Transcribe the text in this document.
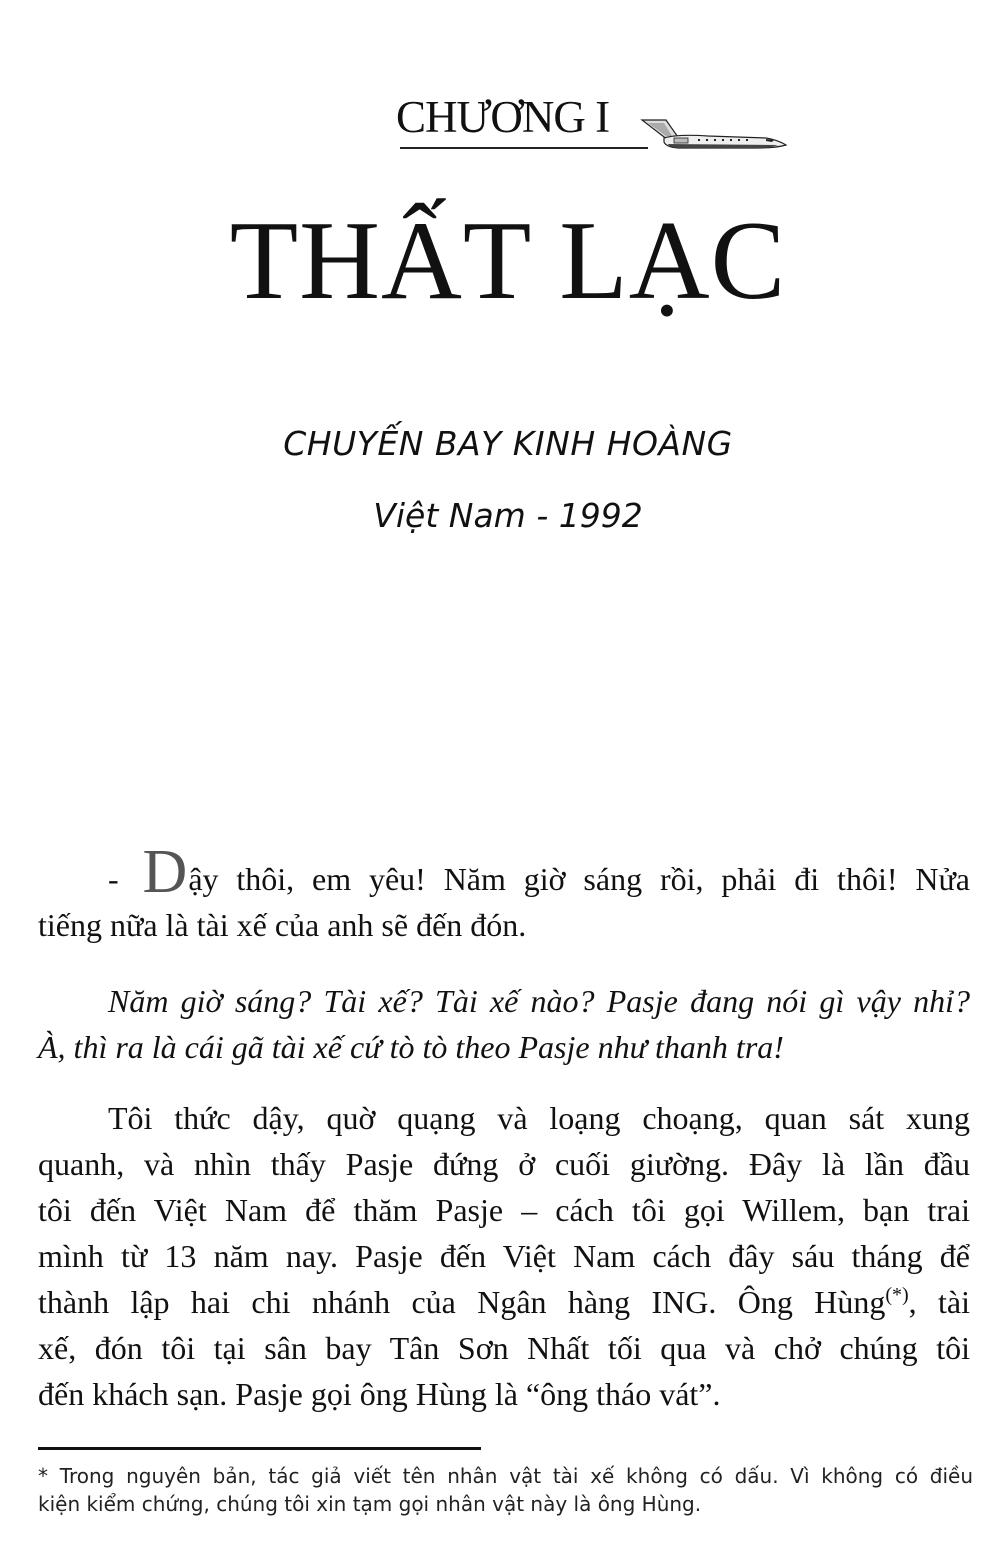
CHƯƠNG I
THẤT LẠC
CHUYẾN BAY KINH HOÀNG
Việt Nam - 1992

- Dậy thôi, em yêu! Năm giờ sáng rồi, phải đi thôi! Nửa
tiếng nữa là tài xế của anh sẽ đến đón.

Năm giờ sáng? Tài xế? Tài xế nào? Pasje đang nói gì vậy nhỉ?
À, thì ra là cái gã tài xế cứ tò tò theo Pasje như thanh tra!

Tôi thức dậy, quờ quạng và loạng choạng, quan sát xung
quanh, và nhìn thấy Pasje đứng ở cuối giường. Đây là lần đầu
tôi đến Việt Nam để thăm Pasje – cách tôi gọi Willem, bạn trai
mình từ 13 năm nay. Pasje đến Việt Nam cách đây sáu tháng để
thành lập hai chi nhánh của Ngân hàng ING. Ông Hùng(*), tài
xế, đón tôi tại sân bay Tân Sơn Nhất tối qua và chở chúng tôi
đến khách sạn. Pasje gọi ông Hùng là “ông tháo vát”.

* Trong nguyên bản, tác giả viết tên nhân vật tài xế không có dấu. Vì không có điều
kiện kiểm chứng, chúng tôi xin tạm gọi nhân vật này là ông Hùng.
